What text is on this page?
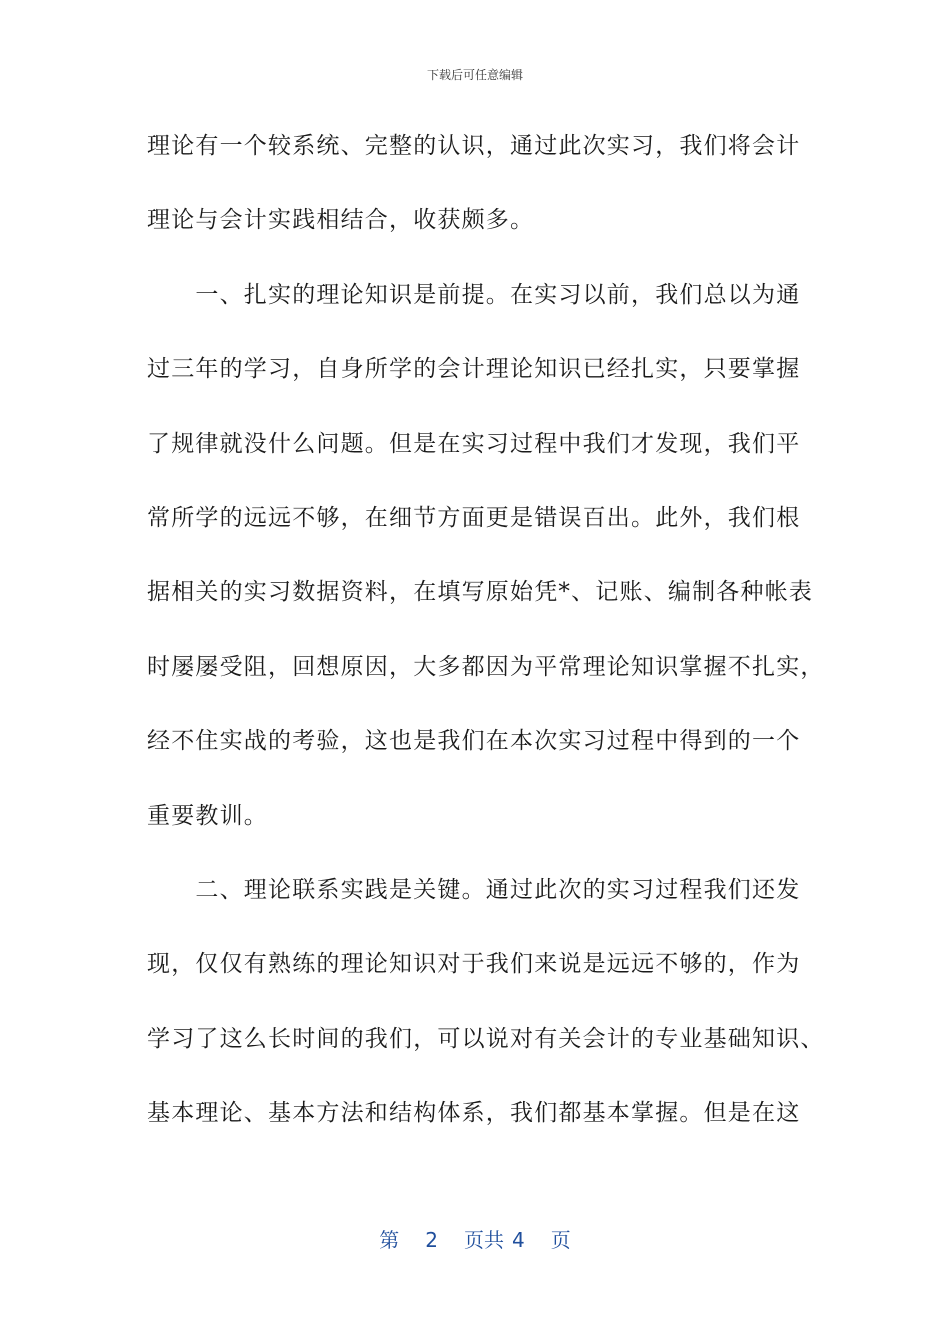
下载后可任意编辑
理论有一个较系统、完整的认识，通过此次实习，我们将会计
理论与会计实践相结合，收获颇多。
　　一、扎实的理论知识是前提。在实习以前，我们总以为通
过三年的学习，自身所学的会计理论知识已经扎实，只要掌握
了规律就没什么问题。但是在实习过程中我们才发现，我们平
常所学的远远不够，在细节方面更是错误百出。此外，我们根
据相关的实习数据资料，在填写原始凭*、记账、编制各种帐表
时屡屡受阻，回想原因，大多都因为平常理论知识掌握不扎实，
经不住实战的考验，这也是我们在本次实习过程中得到的一个
重要教训。
　　二、理论联系实践是关键。通过此次的实习过程我们还发
现，仅仅有熟练的理论知识对于我们来说是远远不够的，作为
学习了这么长时间的我们，可以说对有关会计的专业基础知识、
基本理论、基本方法和结构体系，我们都基本掌握。但是在这
第 2 页共 4 页
